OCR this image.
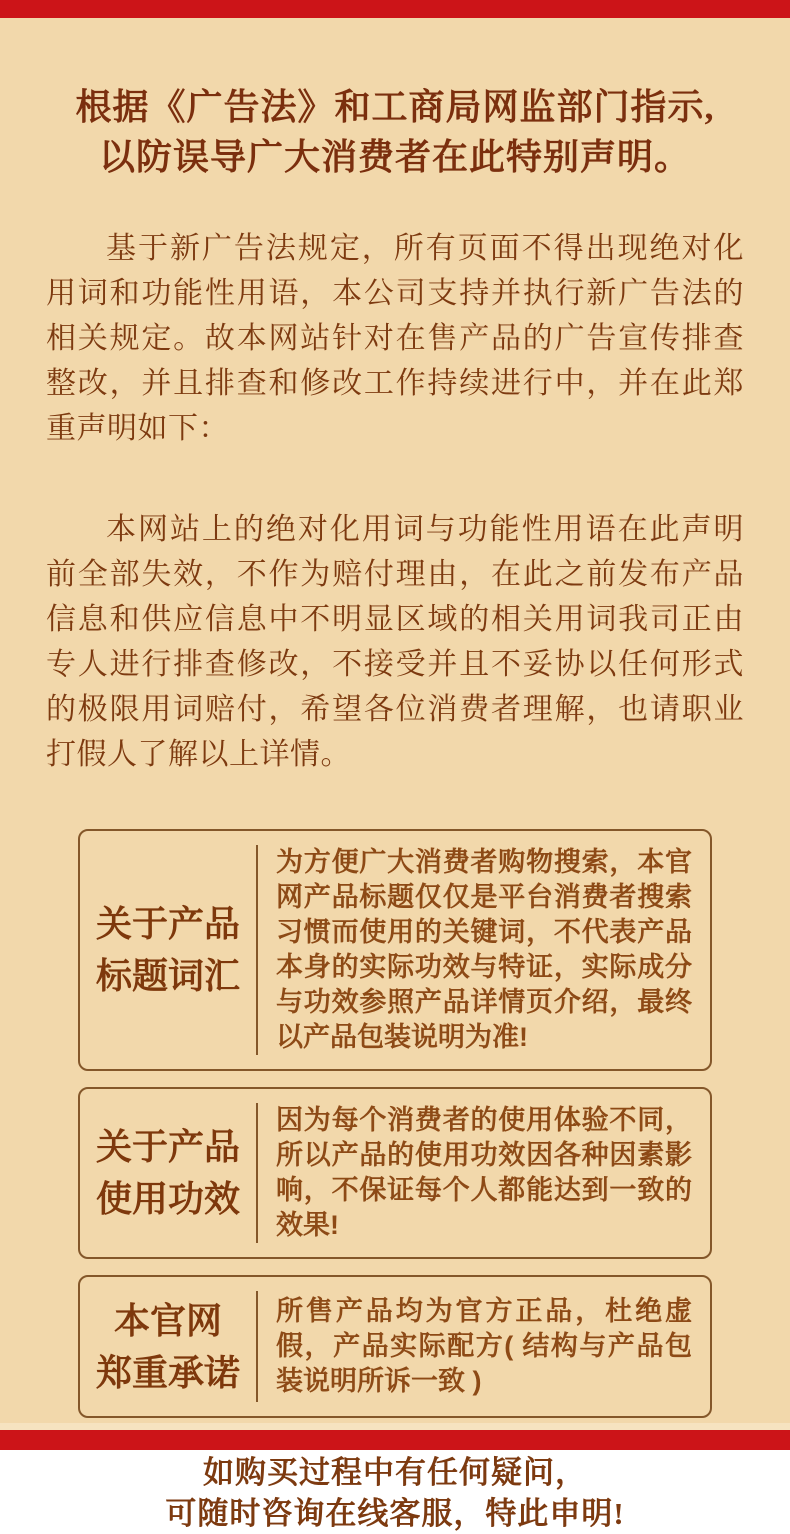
根据《广告法》和工商局网监部门指示,
以防误导广大消费者在此特别声明。

基于新广告法规定，所有页面不得出现绝对化用词和功能性用语，本公司支持并执行新广告法的相关规定。故本网站针对在售产品的广告宣传排查整改，并且排查和修改工作持续进行中，并在此郑重声明如下：

本网站上的绝对化用词与功能性用语在此声明前全部失效，不作为赔付理由，在此之前发布产品信息和供应信息中不明显区域的相关用词我司正由专人进行排查修改，不接受并且不妥协以任何形式的极限用词赔付，希望各位消费者理解，也请职业打假人了解以上详情。

关于产品
标题词汇
为方便广大消费者购物搜索，本官网产品标题仅仅是平台消费者搜索习惯而使用的关键词，不代表产品本身的实际功效与特证，实际成分与功效参照产品详情页介绍，最终以产品包装说明为准!
关于产品
使用功效
因为每个消费者的使用体验不同，所以产品的使用功效因各种因素影响，不保证每个人都能达到一致的效果!
本官网
郑重承诺
所售产品均为官方正品，杜绝虚假，产品实际配方( 结构与产品包装说明所诉一致 )
如购买过程中有任何疑问，
可随时咨询在线客服，特此申明!
